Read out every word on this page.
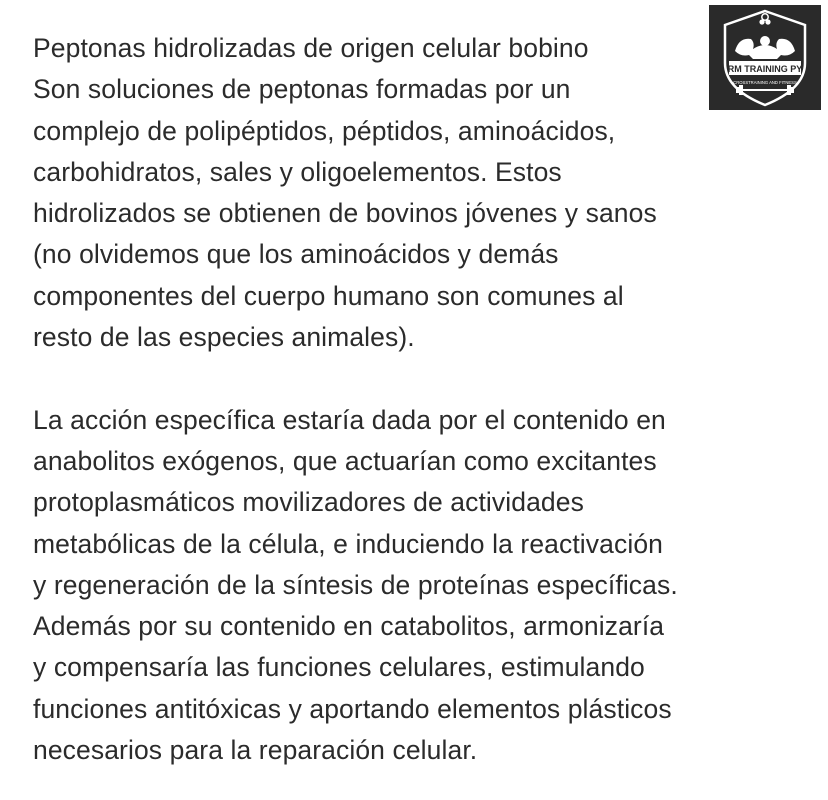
Peptonas hidrolizadas de origen celular bobino
Son soluciones de peptonas formadas por un
complejo de polipéptidos, péptidos, aminoácidos,
carbohidratos, sales y oligoelementos. Estos
hidrolizados se obtienen de bovinos jóvenes y sanos
(no olvidemos que los aminoácidos y demás
componentes del cuerpo humano son comunes al
resto de las especies animales).
La acción específica estaría dada por el contenido en
anabolitos exógenos, que actuarían como excitantes
protoplasmáticos movilizadores de actividades
metabólicas de la célula, e induciendo la reactivación
y regeneración de la síntesis de proteínas específicas.
Además por su contenido en catabolitos, armonizaría
y compensaría las funciones celulares, estimulando
funciones antitóxicas y aportando elementos plásticos
necesarios para la reparación celular.
RM TRAINING PY
CROSSTRAINING AND FITNESS
